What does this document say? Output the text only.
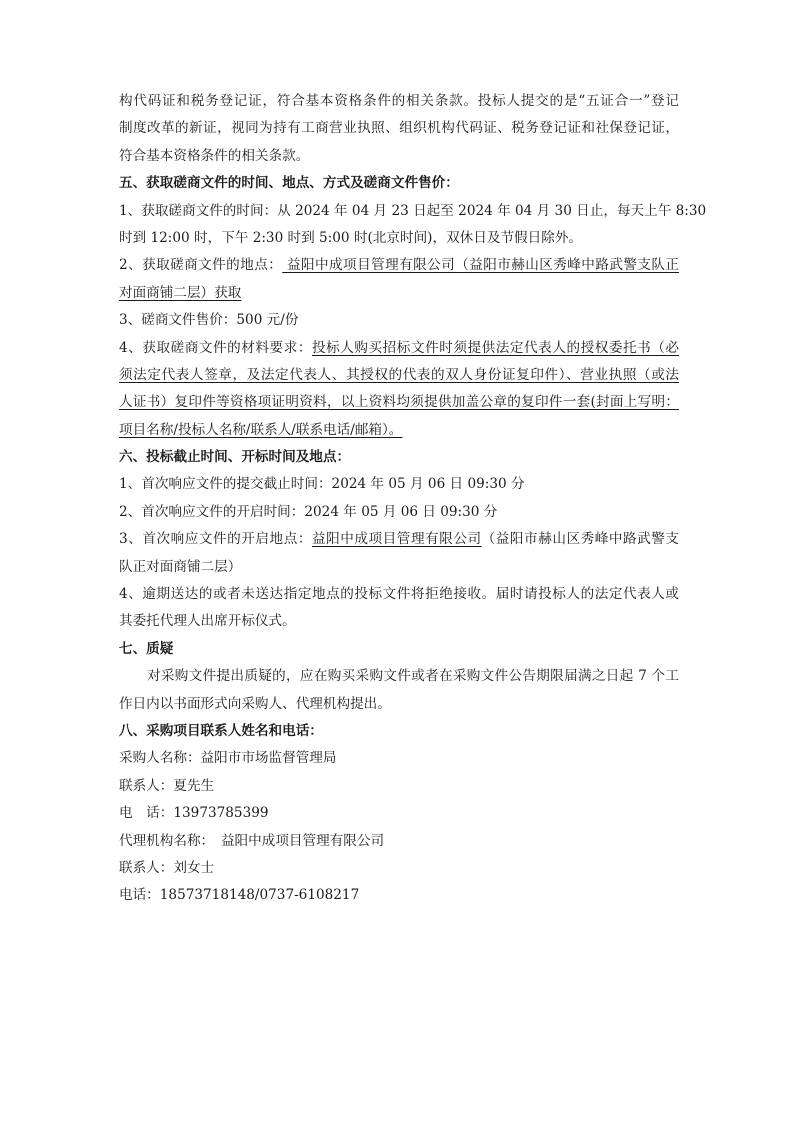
构代码证和税务登记证，符合基本资格条件的相关条款。投标人提交的是“五证合一”登记
制度改革的新证，视同为持有工商营业执照、组织机构代码证、税务登记证和社保登记证，
符合基本资格条件的相关条款。
五、获取磋商文件的时间、地点、方式及磋商文件售价：
1、获取磋商文件的时间：从 2024 年 04 月 23 日起至 2024 年 04 月 30 日止，每天上午 8:30
时到 12:00 时，下午 2:30 时到 5:00 时(北京时间)，双休日及节假日除外。
2、获取磋商文件的地点： 益阳中成项目管理有限公司（益阳市赫山区秀峰中路武警支队正
对面商铺二层）获取
3、磋商文件售价：500 元/份
4、获取磋商文件的材料要求：投标人购买招标文件时须提供法定代表人的授权委托书（必
须法定代表人签章，及法定代表人、其授权的代表的双人身份证复印件）、营业执照（或法
人证书）复印件等资格项证明资料，以上资料均须提供加盖公章的复印件一套(封面上写明：
项目名称/投标人名称/联系人/联系电话/邮箱）。
六、投标截止时间、开标时间及地点：
1、首次响应文件的提交截止时间：2024 年 05 月 06 日 09:30 分
2、首次响应文件的开启时间：2024 年 05 月 06 日 09:30 分
3、首次响应文件的开启地点：益阳中成项目管理有限公司（益阳市赫山区秀峰中路武警支
队正对面商铺二层）
4、逾期送达的或者未送达指定地点的投标文件将拒绝接收。届时请投标人的法定代表人或
其委托代理人出席开标仪式。
七、质疑
对采购文件提出质疑的，应在购买采购文件或者在采购文件公告期限届满之日起 7 个工
作日内以书面形式向采购人、代理机构提出。
八、采购项目联系人姓名和电话：
采购人名称：益阳市市场监督管理局
联系人：夏先生
电　话：13973785399
代理机构名称：　益阳中成项目管理有限公司
联系人：刘女士
电话：18573718148/0737-6108217
